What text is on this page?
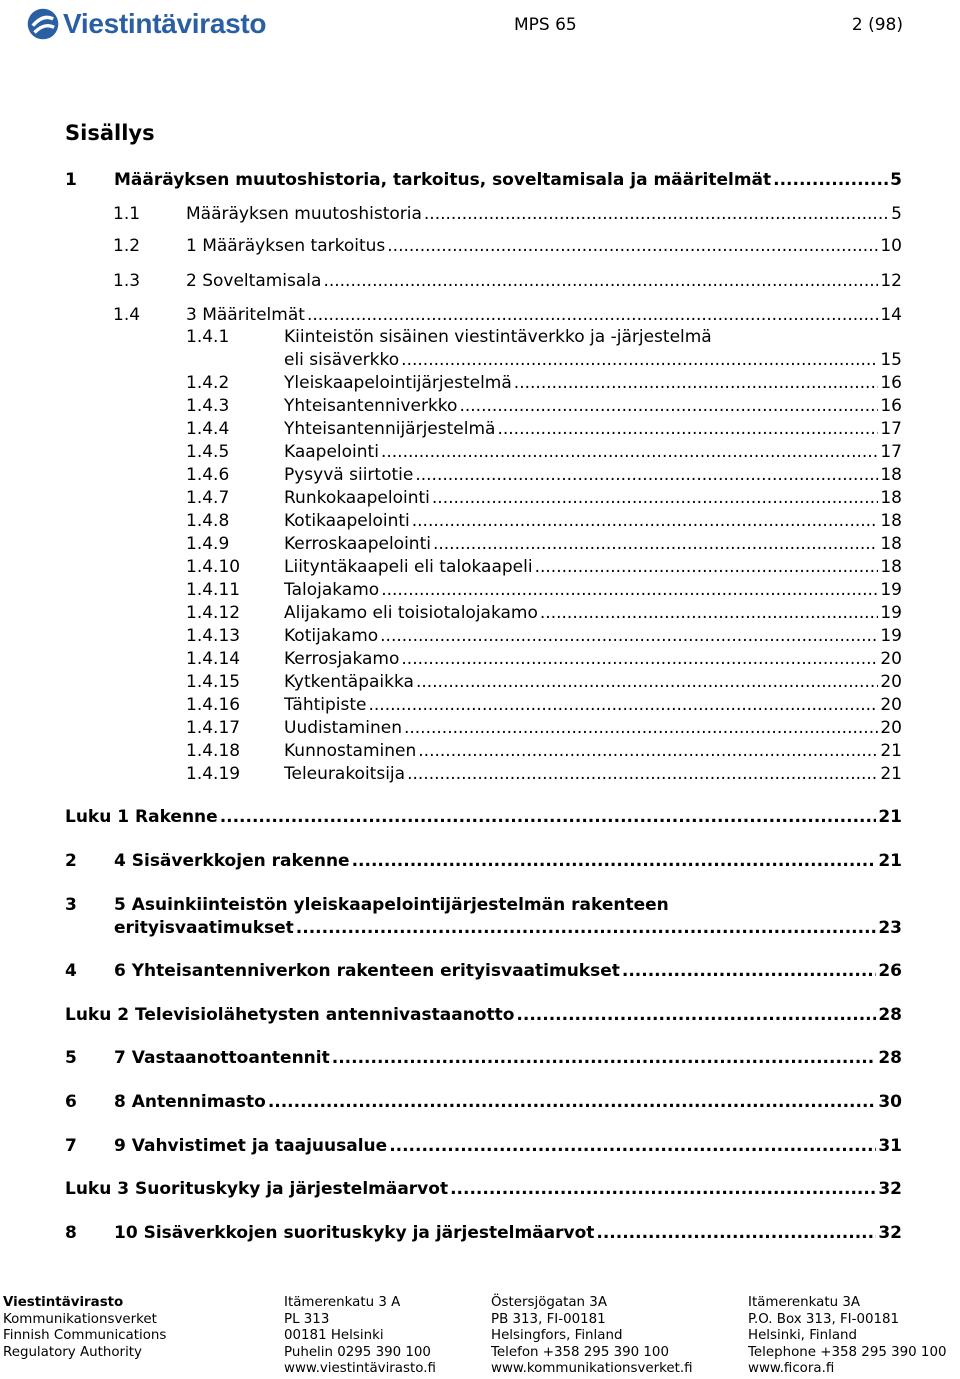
Viestintävirasto	MPS 65	2 (98)
Sisällys
1	Määräyksen muutoshistoria, tarkoitus, soveltamisala ja määritelmät .....	5
1.1	Määräyksen muutoshistoria .....	5
1.2	1 Määräyksen tarkoitus .....	10
1.3	2 Soveltamisala .....	12
1.4	3 Määritelmät .....	14
1.4.1	Kiinteistön sisäinen viestintäverkko ja -järjestelmä
eli sisäverkko .....	15
1.4.2	Yleiskaapelointijärjestelmä .....	16
1.4.3	Yhteisantenniverkko .....	16
1.4.4	Yhteisantennijärjestelmä .....	17
1.4.5	Kaapelointi .....	17
1.4.6	Pysyvä siirtotie .....	18
1.4.7	Runkokaapelointi .....	18
1.4.8	Kotikaapelointi .....	18
1.4.9	Kerroskaapelointi .....	18
1.4.10	Liityntäkaapeli eli talokaapeli .....	18
1.4.11	Talojakamo .....	19
1.4.12	Alijakamo eli toisiotalojakamo .....	19
1.4.13	Kotijakamo .....	19
1.4.14	Kerrosjakamo .....	20
1.4.15	Kytkentäpaikka .....	20
1.4.16	Tähtipiste .....	20
1.4.17	Uudistaminen .....	20
1.4.18	Kunnostaminen .....	21
1.4.19	Teleurakoitsija .....	21
Luku 1 Rakenne .....	21
2	4 Sisäverkkojen rakenne .....	21
3	5 Asuinkiinteistön yleiskaapelointijärjestelmän rakenteen
erityisvaatimukset .....	23
4	6 Yhteisantenniverkon rakenteen erityisvaatimukset .....	26
Luku 2 Televisiolähetysten antennivastaanotto .....	28
5	7 Vastaanottoantennit .....	28
6	8 Antennimasto .....	30
7	9 Vahvistimet ja taajuusalue .....	31
Luku 3 Suorituskyky ja järjestelmäarvot .....	32
8	10 Sisäverkkojen suorituskyky ja järjestelmäarvot .....	32
Viestintävirasto
Kommunikationsverket
Finnish Communications
Regulatory Authority
Itämerenkatu 3 A
PL 313
00181 Helsinki
Puhelin 0295 390 100
www.viestintävirasto.fi
Östersjögatan 3A
PB 313, FI-00181
Helsingfors, Finland
Telefon +358 295 390 100
www.kommunikationsverket.fi
Itämerenkatu 3A
P.O. Box 313, FI-00181
Helsinki, Finland
Telephone +358 295 390 100
www.ficora.fi
